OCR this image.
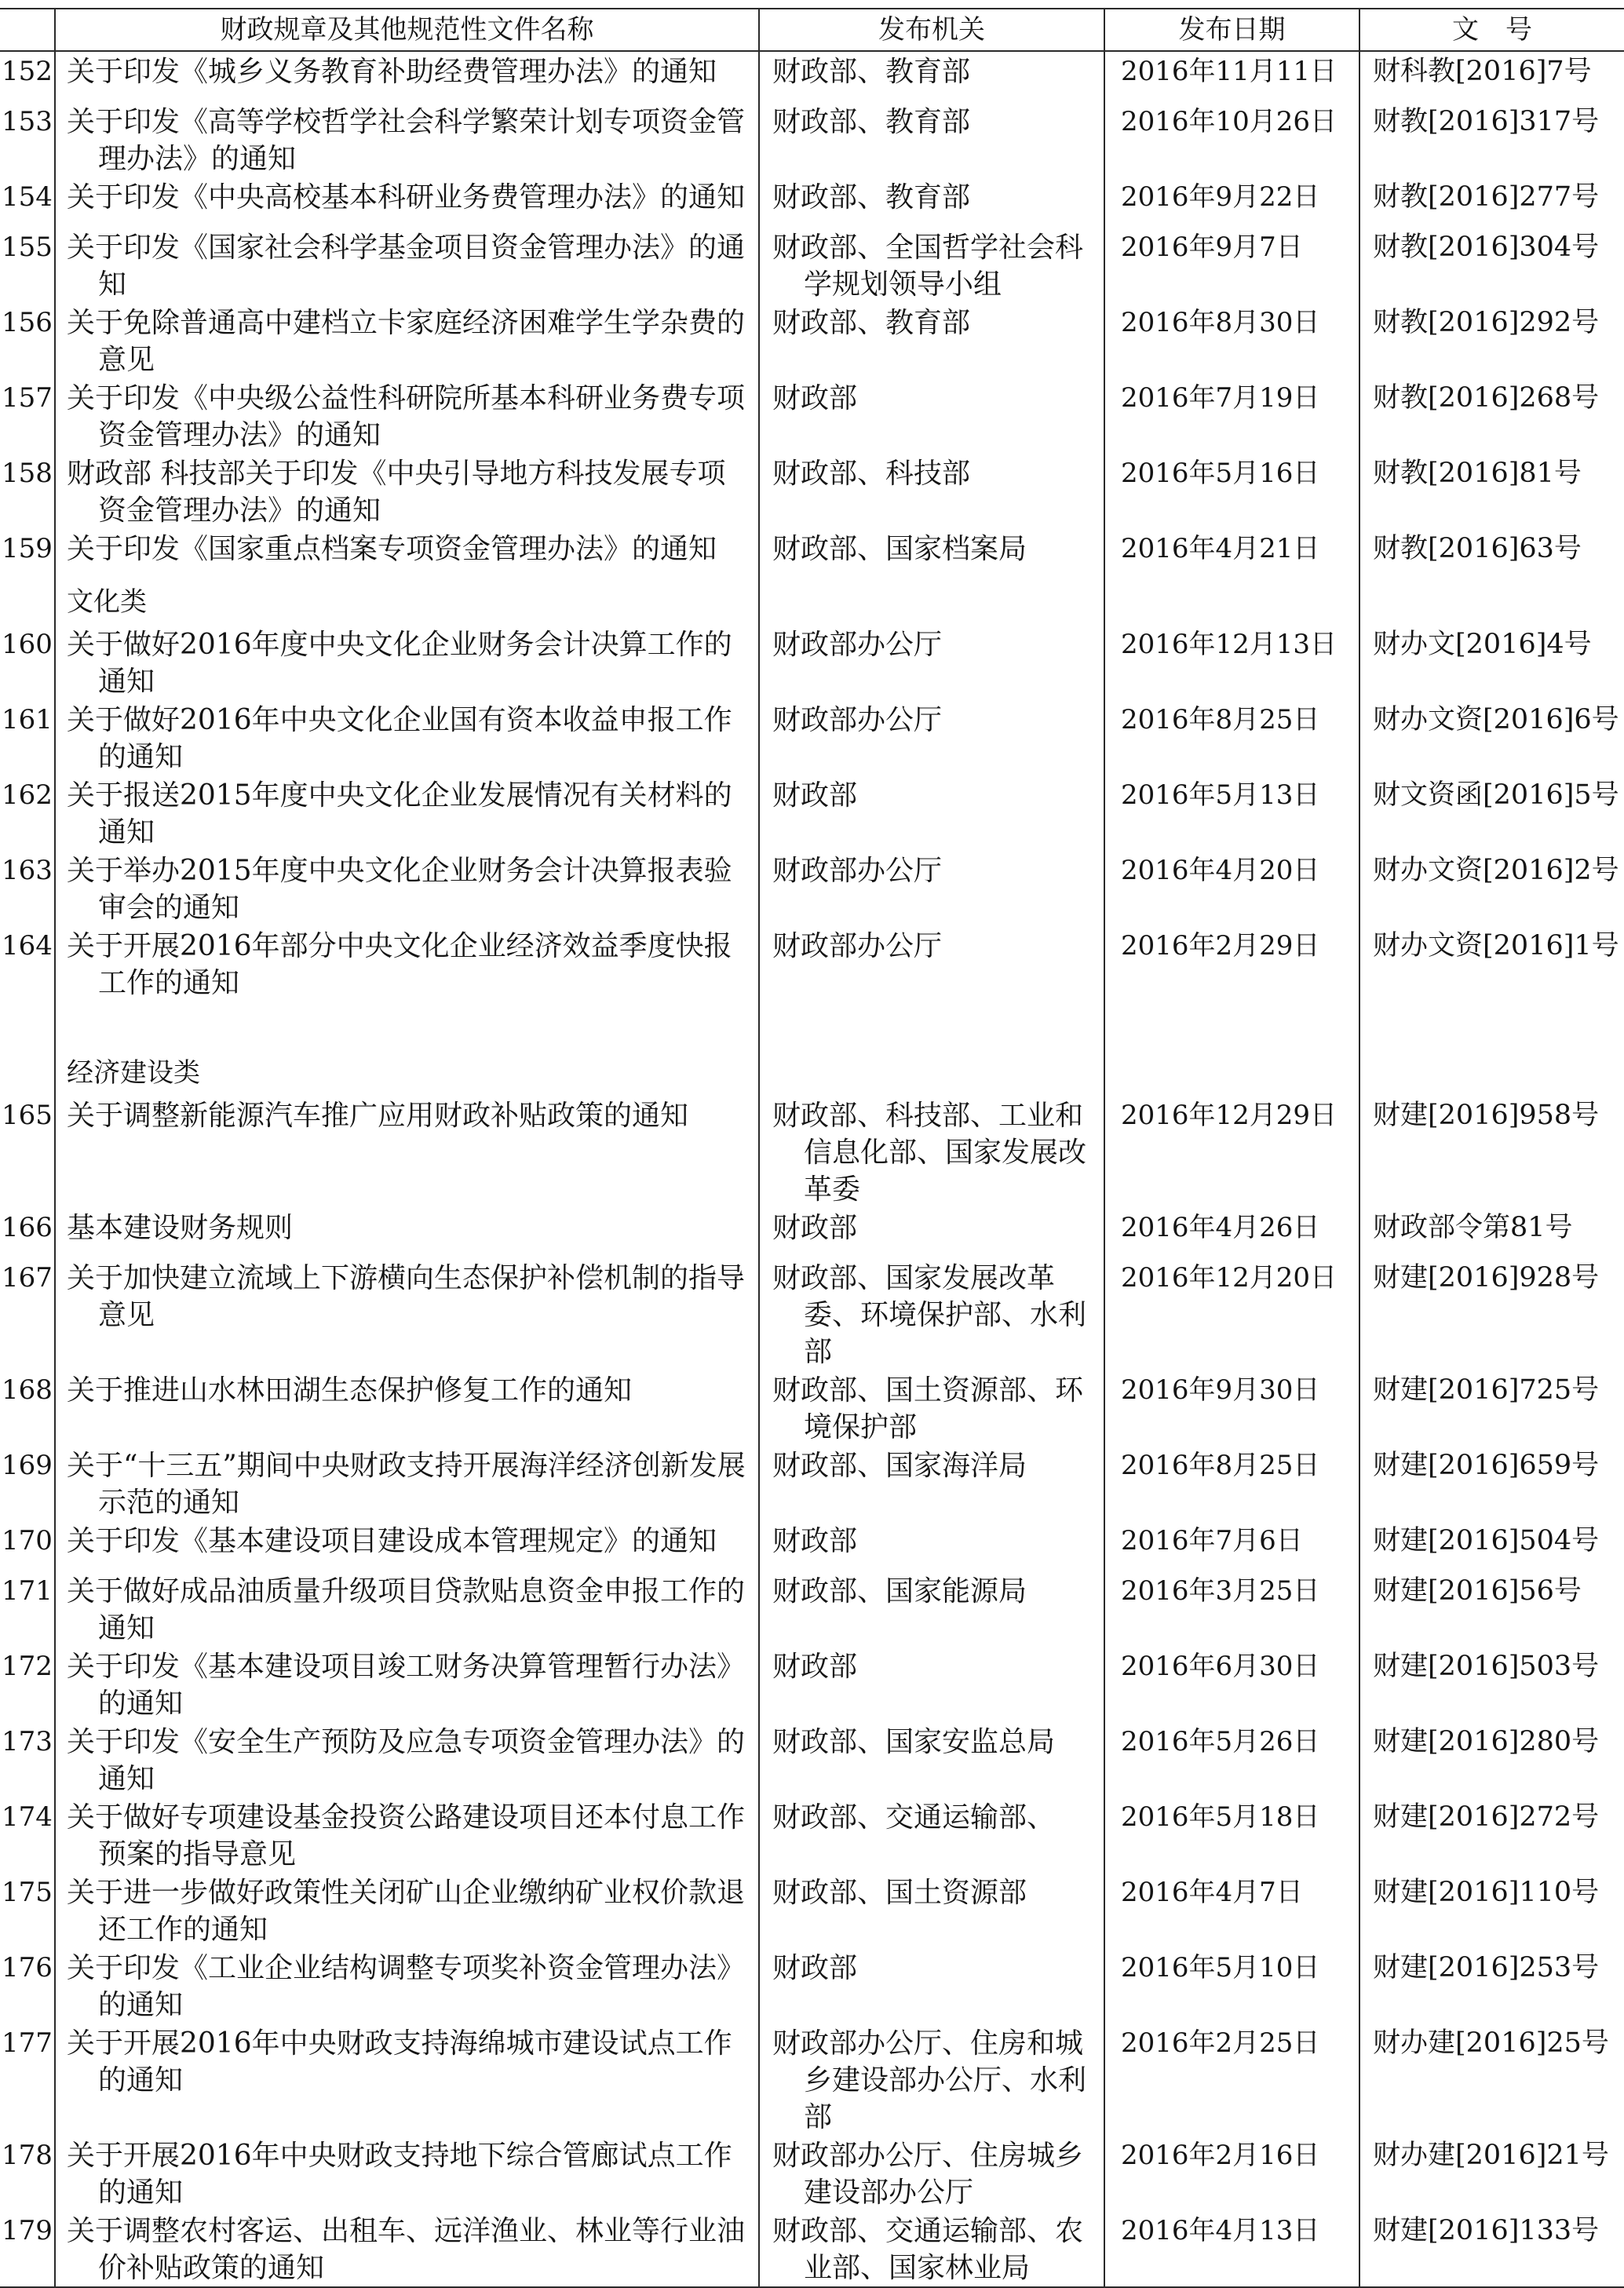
	财政规章及其他规范性文件名称	发布机关	发布日期	文　号
152	关于印发《城乡义务教育补助经费管理办法》的通知	财政部、教育部	2016年11月11日	财科教[2016]7号
153	关于印发《高等学校哲学社会科学繁荣计划专项资金管理办法》的通知	财政部、教育部	2016年10月26日	财教[2016]317号
154	关于印发《中央高校基本科研业务费管理办法》的通知	财政部、教育部	2016年9月22日	财教[2016]277号
155	关于印发《国家社会科学基金项目资金管理办法》的通知	财政部、全国哲学社会科学规划领导小组	2016年9月7日	财教[2016]304号
156	关于免除普通高中建档立卡家庭经济困难学生学杂费的意见	财政部、教育部	2016年8月30日	财教[2016]292号
157	关于印发《中央级公益性科研院所基本科研业务费专项资金管理办法》的通知	财政部	2016年7月19日	财教[2016]268号
158	财政部 科技部关于印发《中央引导地方科技发展专项资金管理办法》的通知	财政部、科技部	2016年5月16日	财教[2016]81号
159	关于印发《国家重点档案专项资金管理办法》的通知	财政部、国家档案局	2016年4月21日	财教[2016]63号
	文化类			
160	关于做好2016年度中央文化企业财务会计决算工作的通知	财政部办公厅	2016年12月13日	财办文[2016]4号
161	关于做好2016年中央文化企业国有资本收益申报工作的通知	财政部办公厅	2016年8月25日	财办文资[2016]6号
162	关于报送2015年度中央文化企业发展情况有关材料的通知	财政部	2016年5月13日	财文资函[2016]5号
163	关于举办2015年度中央文化企业财务会计决算报表验审会的通知	财政部办公厅	2016年4月20日	财办文资[2016]2号
164	关于开展2016年部分中央文化企业经济效益季度快报工作的通知	财政部办公厅	2016年2月29日	财办文资[2016]1号
	经济建设类			
165	关于调整新能源汽车推广应用财政补贴政策的通知	财政部、科技部、工业和信息化部、国家发展改革委	2016年12月29日	财建[2016]958号
166	基本建设财务规则	财政部	2016年4月26日	财政部令第81号
167	关于加快建立流域上下游横向生态保护补偿机制的指导意见	财政部、国家发展改革委、环境保护部、水利部	2016年12月20日	财建[2016]928号
168	关于推进山水林田湖生态保护修复工作的通知	财政部、国土资源部、环境保护部	2016年9月30日	财建[2016]725号
169	关于“十三五”期间中央财政支持开展海洋经济创新发展示范的通知	财政部、国家海洋局	2016年8月25日	财建[2016]659号
170	关于印发《基本建设项目建设成本管理规定》的通知	财政部	2016年7月6日	财建[2016]504号
171	关于做好成品油质量升级项目贷款贴息资金申报工作的通知	财政部、国家能源局	2016年3月25日	财建[2016]56号
172	关于印发《基本建设项目竣工财务决算管理暂行办法》的通知	财政部	2016年6月30日	财建[2016]503号
173	关于印发《安全生产预防及应急专项资金管理办法》的通知	财政部、国家安监总局	2016年5月26日	财建[2016]280号
174	关于做好专项建设基金投资公路建设项目还本付息工作预案的指导意见	财政部、交通运输部、	2016年5月18日	财建[2016]272号
175	关于进一步做好政策性关闭矿山企业缴纳矿业权价款退还工作的通知	财政部、国土资源部	2016年4月7日	财建[2016]110号
176	关于印发《工业企业结构调整专项奖补资金管理办法》的通知	财政部	2016年5月10日	财建[2016]253号
177	关于开展2016年中央财政支持海绵城市建设试点工作的通知	财政部办公厅、住房和城乡建设部办公厅、水利部	2016年2月25日	财办建[2016]25号
178	关于开展2016年中央财政支持地下综合管廊试点工作的通知	财政部办公厅、住房城乡建设部办公厅	2016年2月16日	财办建[2016]21号
179	关于调整农村客运、出租车、远洋渔业、林业等行业油价补贴政策的通知	财政部、交通运输部、农业部、国家林业局	2016年4月13日	财建[2016]133号
